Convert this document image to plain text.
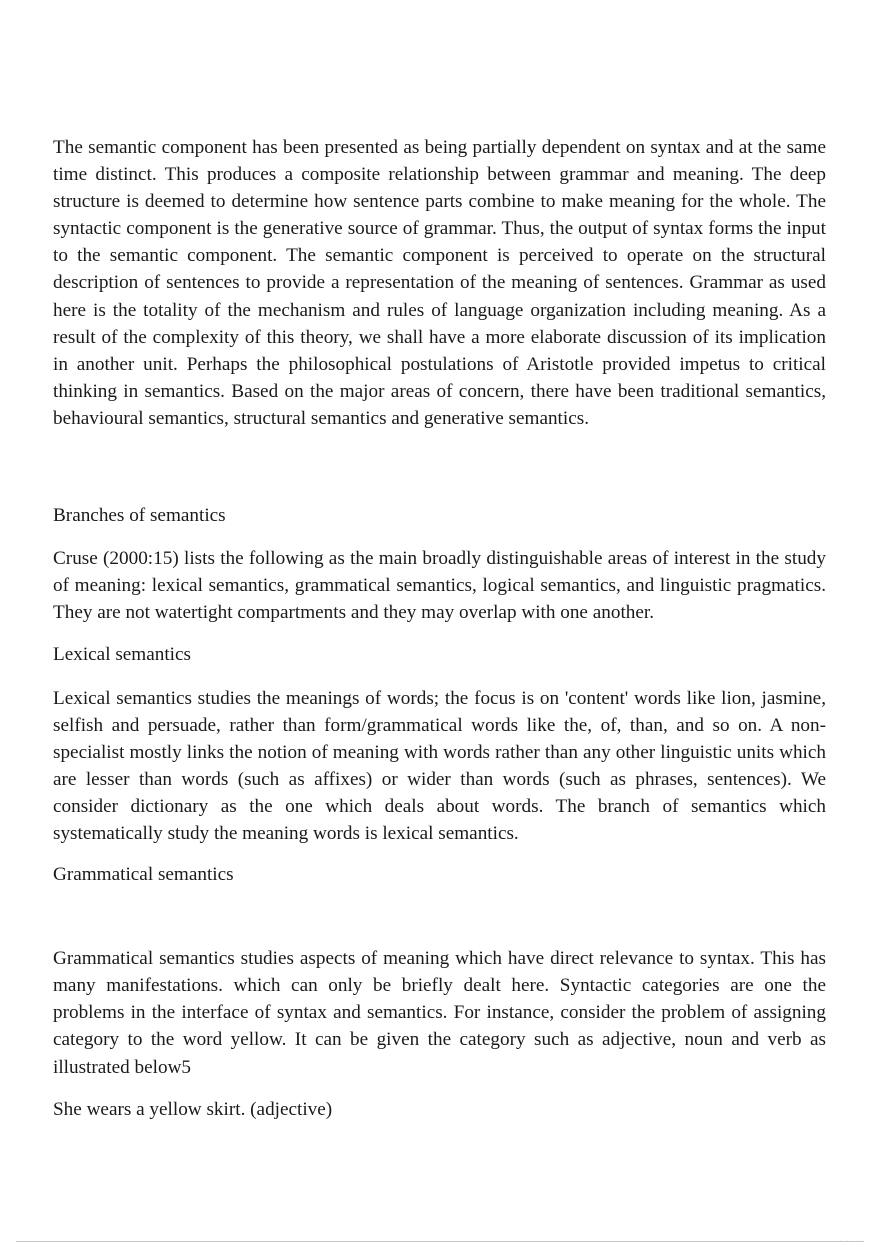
The semantic component has been presented as being partially dependent on syntax and at the same time distinct. This produces a composite relationship between grammar and meaning. The deep structure is deemed to determine how sentence parts combine to make meaning for the whole. The syntactic component is the generative source of grammar. Thus, the output of syntax forms the input to the semantic component. The semantic component is perceived to operate on the structural description of sentences to provide a representation of the meaning of sentences. Grammar as used here is the totality of the mechanism and rules of language organization including meaning. As a result of the complexity of this theory, we shall have a more elaborate discussion of its implication in another unit. Perhaps the philosophical postulations of Aristotle provided impetus to critical thinking in semantics. Based on the major areas of concern, there have been traditional semantics, behavioural semantics, structural semantics and generative semantics.

Branches of semantics

Cruse (2000:15) lists the following as the main broadly distinguishable areas of interest in the study of meaning: lexical semantics, grammatical semantics, logical semantics, and linguistic pragmatics. They are not watertight compartments and they may overlap with one another.

Lexical semantics

Lexical semantics studies the meanings of words; the focus is on 'content' words like lion, jasmine, selfish and persuade, rather than form/grammatical words like the, of, than, and so on. A non-specialist mostly links the notion of meaning with words rather than any other linguistic units which are lesser than words (such as affixes) or wider than words (such as phrases, sentences). We consider dictionary as the one which deals about words. The branch of semantics which systematically study the meaning words is lexical semantics.

Grammatical semantics

Grammatical semantics studies aspects of meaning which have direct relevance to syntax. This has many manifestations. which can only be briefly dealt here. Syntactic categories are one the problems in the interface of syntax and semantics. For instance, consider the problem of assigning category to the word yellow. It can be given the category such as adjective, noun and verb as illustrated below5

She wears a yellow skirt. (adjective)

· · · · ·
